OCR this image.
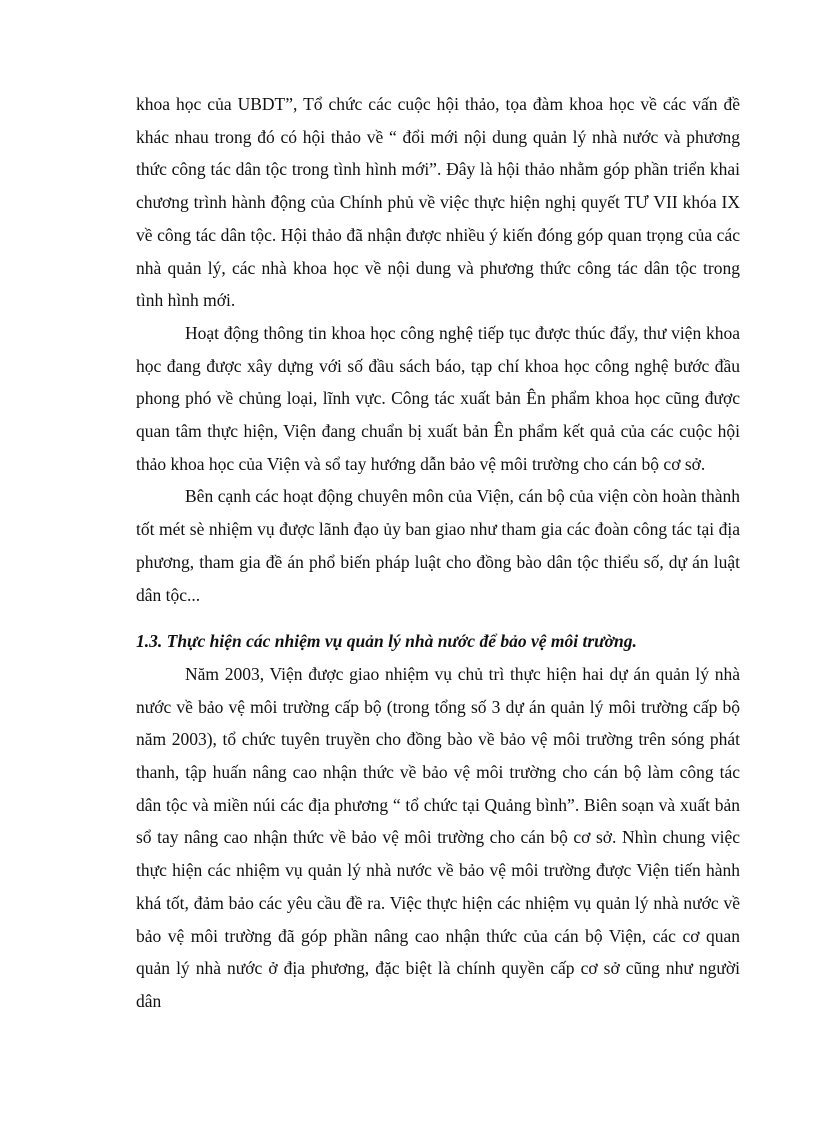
khoa học của UBDT”, Tổ chức các cuộc hội thảo, tọa đàm khoa học về các vấn đề khác nhau trong đó có hội thảo về “ đổi mới nội dung quản lý nhà nước và phương thức công tác dân tộc trong tình hình mới”. Đây là hội thảo nhằm góp phần triển khai chương trình hành động của Chính phủ về việc thực hiện nghị quyết TƯ VII khóa IX về công tác dân tộc. Hội thảo đã nhận được nhiều ý kiến đóng góp quan trọng của các nhà quản lý, các nhà khoa học về nội dung và phương thức công tác dân tộc trong tình hình mới.

Hoạt động thông tin khoa học công nghệ tiếp tục được thúc đẩy, thư viện khoa học đang được xây dựng với số đầu sách báo, tạp chí khoa học công nghệ bước đầu phong phó về chủng loại, lĩnh vực. Công tác xuất bản Ên phẩm khoa học cũng được quan tâm thực hiện, Viện đang chuẩn bị xuất bản Ên phẩm kết quả của các cuộc hội thảo khoa học của Viện và sổ tay hướng dẫn bảo vệ môi trường cho cán bộ cơ sở.

Bên cạnh các hoạt động chuyên môn của Viện, cán bộ của viện còn hoàn thành tốt mét sè nhiệm vụ được lãnh đạo ủy ban giao như tham gia các đoàn công tác tại địa phương, tham gia đề án phổ biến pháp luật cho đồng bào dân tộc thiểu số, dự án luật dân tộc...

1.3. Thực hiện các nhiệm vụ quản lý nhà nước để bảo vệ môi trường.

Năm 2003, Viện được giao nhiệm vụ chủ trì thực hiện hai dự án quản lý nhà nước về bảo vệ môi trường cấp bộ (trong tổng số 3 dự án quản lý môi trường cấp bộ năm 2003), tổ chức tuyên truyền cho đồng bào về bảo vệ môi trường trên sóng phát thanh, tập huấn nâng cao nhận thức về bảo vệ môi trường cho cán bộ làm công tác dân tộc và miền núi các địa phương “ tổ chức tại Quảng bình”. Biên soạn và xuất bản sổ tay nâng cao nhận thức về bảo vệ môi trường cho cán bộ cơ sở. Nhìn chung việc thực hiện các nhiệm vụ quản lý nhà nước về bảo vệ môi trường được Viện tiến hành khá tốt, đảm bảo các yêu cầu đề ra. Việc thực hiện các nhiệm vụ quản lý nhà nước về bảo vệ môi trường đã góp phần nâng cao nhận thức của cán bộ Viện, các cơ quan quản lý nhà nước ở địa phương, đặc biệt là chính quyền cấp cơ sở cũng như người dân
